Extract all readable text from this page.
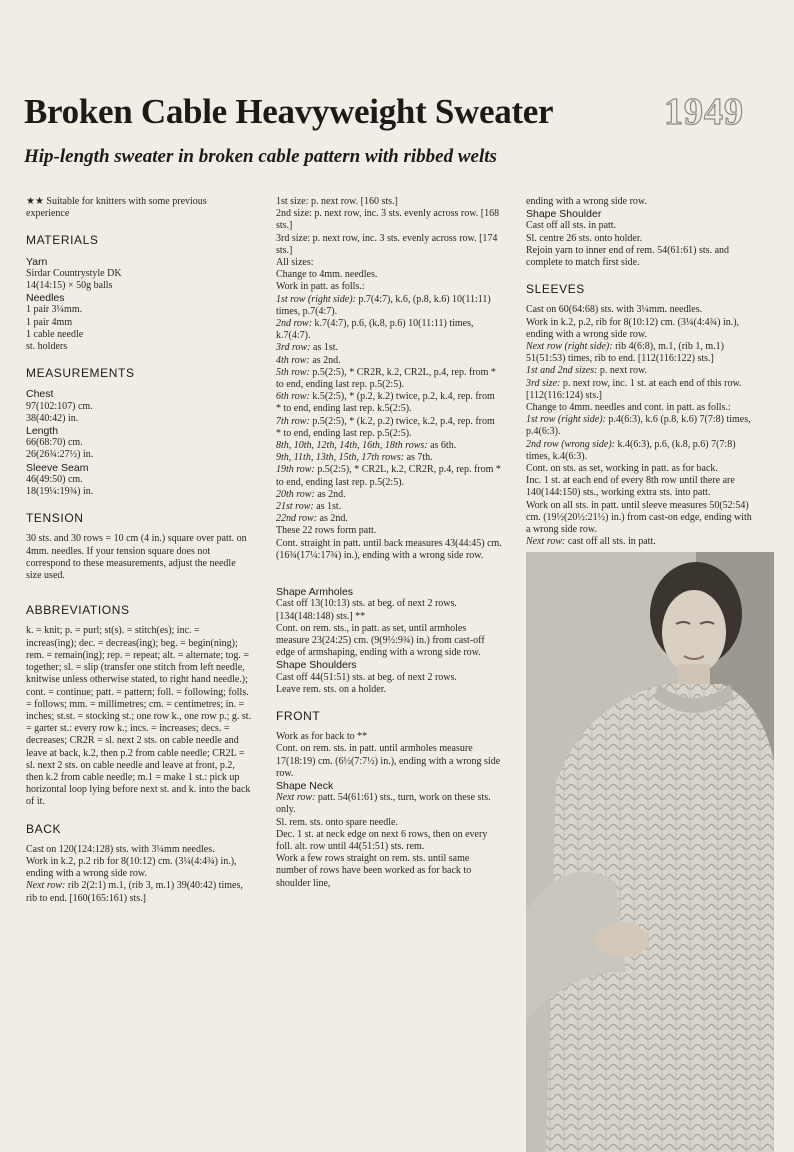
Broken Cable Heavyweight Sweater	1949
Hip-length sweater in broken cable pattern with ribbed welts

★★ Suitable for knitters with some previous experience

MATERIALS

Yarn

Sirdar Countrystyle DK

14(14:15) × 50g balls

Needles

1 pair 3¼mm.

1 pair 4mm

1 cable needle

st. holders

MEASUREMENTS

Chest

97(102:107) cm.

38(40:42) in.

Length

66(68:70) cm.

26(26¾:27½) in.

Sleeve Seam

46(49:50) cm.

18(19¼:19¾) in.

TENSION

30 sts. and 30 rows = 10 cm (4 in.) square over patt. on 4mm. needles. If your tension square does not correspond to these measurements, adjust the needle size used.

ABBREVIATIONS

k. = knit; p. = purl; st(s). = stitch(es); inc. = increas(ing); dec. = decreas(ing); beg. = begin(ning); rem. = remain(ing); rep. = repeat; alt. = alternate; tog. = together; sl. = slip (transfer one stitch from left needle, knitwise unless otherwise stated, to right hand needle.); cont. = continue; patt. = pattern; foll. = following; folls. = follows; mm. = millimetres; cm. = centimetres; in. = inches; st.st. = stocking st.; one row k., one row p.; g. st. = garter st.: every row k.; incs. = increases; decs. = decreases; CR2R = sl. next 2 sts. on cable needle and leave at back, k.2, then p.2 from cable needle; CR2L = sl. next 2 sts. on cable needle and leave at front, p.2, then k.2 from cable needle; m.1 = make 1 st.: pick up horizontal loop lying before next st. and k. into the back of it.

BACK

Cast on 120(124:128) sts. with 3¼mm needles.

Work in k.2, p.2 rib for 8(10:12) cm. (3¼(4:4¾) in.), ending with a wrong side row.

Next row: rib 2(2:1) m.1, (rib 3, m.1) 39(40:42) times, rib to end. [160(165:161) sts.]

1st size: p. next row. [160 sts.]

2nd size: p. next row, inc. 3 sts. evenly across row. [168 sts.]

3rd size: p. next row, inc. 3 sts. evenly across row. [174 sts.]

All sizes:

Change to 4mm. needles.

Work in patt. as folls.:

1st row (right side): p.7(4:7), k.6, (p.8, k.6) 10(11:11) times, p.7(4:7).

2nd row: k.7(4:7), p.6, (k.8, p.6) 10(11:11) times, k.7(4:7).

3rd row: as 1st.

4th row: as 2nd.

5th row: p.5(2:5), * CR2R, k.2, CR2L, p.4, rep. from * to end, ending last rep. p.5(2:5).

6th row: k.5(2:5), * (p.2, k.2) twice, p.2, k.4, rep. from * to end, ending last rep. k.5(2:5).

7th row: p.5(2:5), * (k.2, p.2) twice, k.2, p.4, rep. from * to end, ending last rep. p.5(2:5).

8th, 10th, 12th, 14th, 16th, 18th rows: as 6th.

9th, 11th, 13th, 15th, 17th rows: as 7th.

19th row: p.5(2:5), * CR2L, k.2, CR2R, p.4, rep. from * to end, ending last rep. p.5(2:5).

20th row: as 2nd.

21st row: as 1st.

22nd row: as 2nd.

These 22 rows form patt.

Cont. straight in patt. until back measures 43(44:45) cm. (16¾(17¼:17¾) in.), ending with a wrong side row.

Shape Armholes

Cast off 13(10:13) sts. at beg. of next 2 rows. [134(148:148) sts.] **

Cont. on rem. sts., in patt. as set, until armholes measure 23(24:25) cm. (9(9½:9¾) in.) from cast-off edge of armshaping, ending with a wrong side row.

Shape Shoulders

Cast off 44(51:51) sts. at beg. of next 2 rows.

Leave rem. sts. on a holder.

FRONT

Work as for back to **

Cont. on rem. sts. in patt. until armholes measure 17(18:19) cm. (6½(7:7½) in.), ending with a wrong side row.

Shape Neck

Next row: patt. 54(61:61) sts., turn, work on these sts. only.

Sl. rem. sts. onto spare needle.

Dec. 1 st. at neck edge on next 6 rows, then on every foll. alt. row until 44(51:51) sts. rem.

Work a few rows straight on rem. sts. until same number of rows have been worked as for back to shoulder line,

ending with a wrong side row.

Shape Shoulder

Cast off all sts. in patt.

Sl. centre 26 sts. onto holder.

Rejoin yarn to inner end of rem. 54(61:61) sts. and complete to match first side.

SLEEVES

Cast on 60(64:68) sts. with 3¼mm. needles.

Work in k.2, p.2, rib for 8(10:12) cm. (3¼(4:4¾) in.), ending with a wrong side row.

Next row (right side): rib 4(6:8), m.1, (rib 1, m.1) 51(51:53) times, rib to end. [112(116:122) sts.]

1st and 2nd sizes: p. next row.

3rd size: p. next row, inc. 1 st. at each end of this row. [112(116:124) sts.]

Change to 4mm. needles and cont. in patt. as folls.:

1st row (right side): p.4(6:3), k.6 (p.8, k.6) 7(7:8) times, p.4(6:3).

2nd row (wrong side): k.4(6:3), p.6, (k.8, p.6) 7(7:8) times, k.4(6:3).

Cont. on sts. as set, working in patt. as for back.

Inc. 1 st. at each end of every 8th row until there are 140(144:150) sts., working extra sts. into patt.

Work on all sts. in patt. until sleeve measures 50(52:54) cm. (19½(20½:21½) in.) from cast-on edge, ending with a wrong side row.

Next row: cast off all sts. in patt.
